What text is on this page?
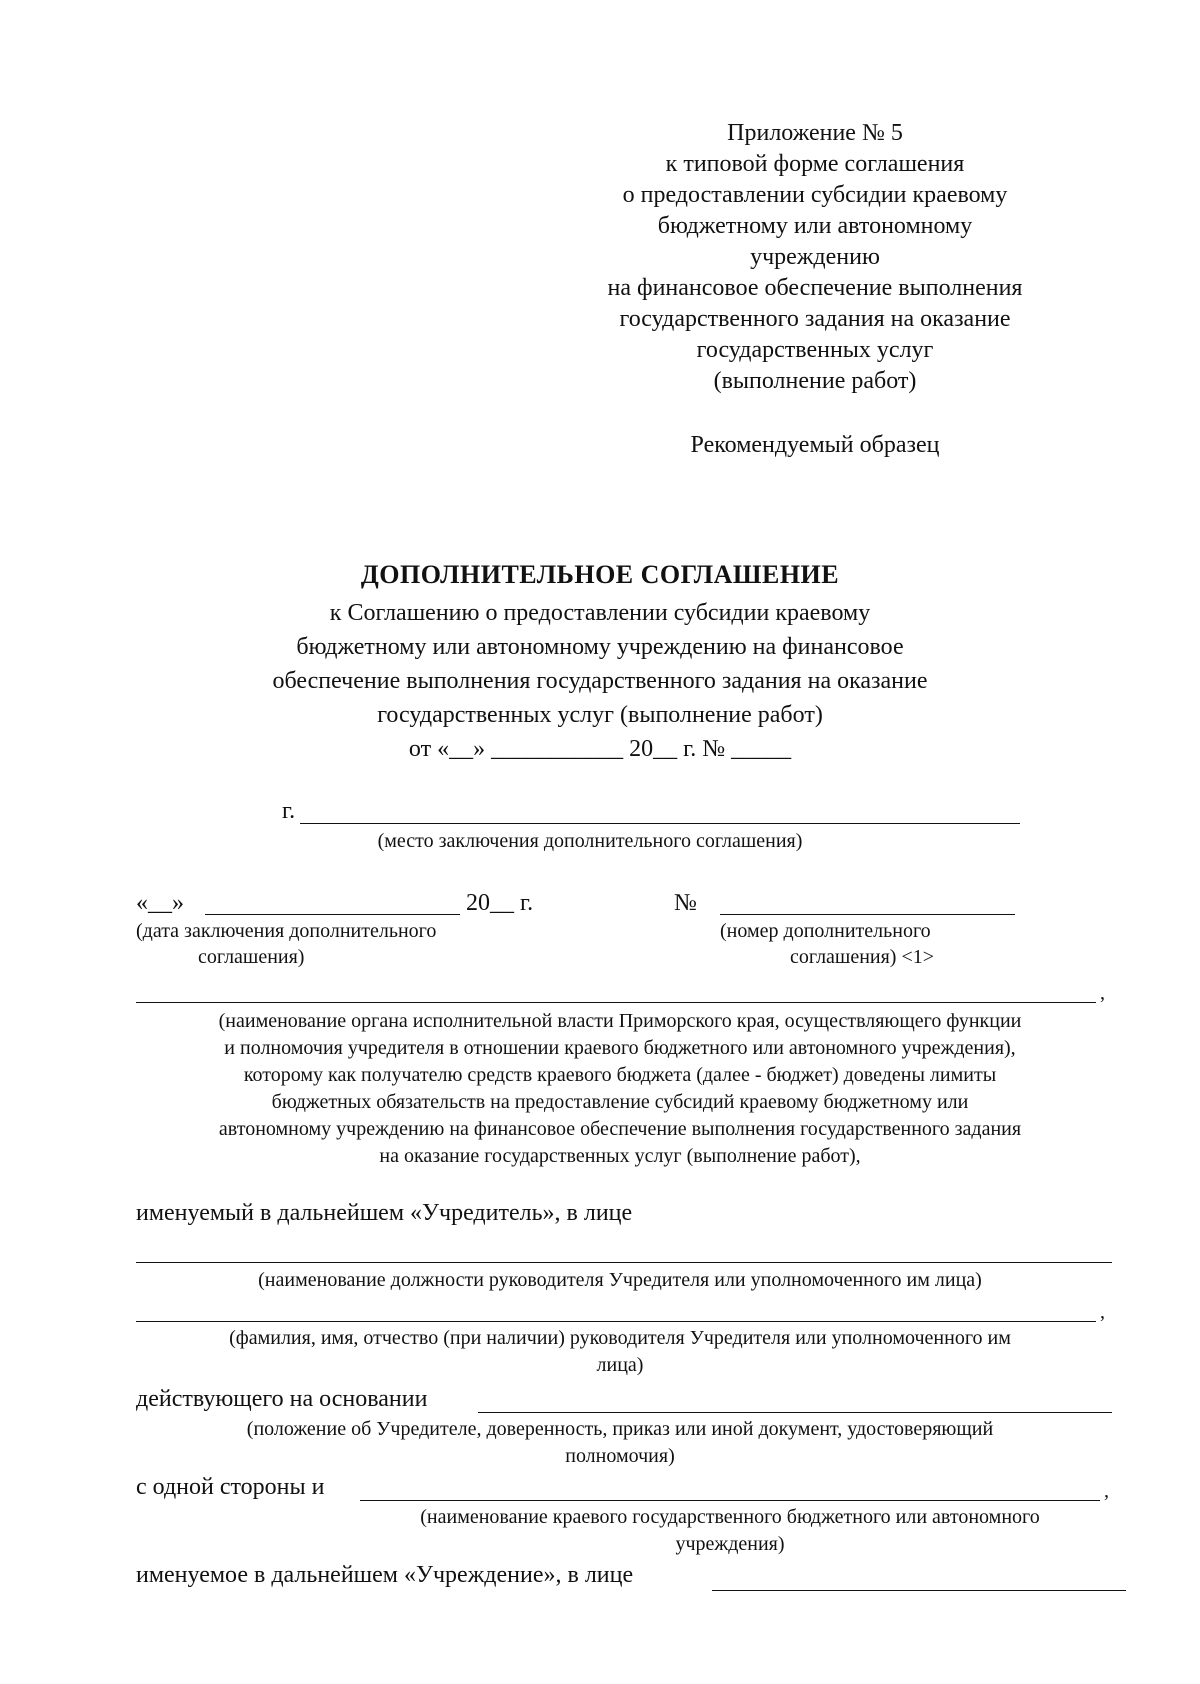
Приложение № 5
к типовой форме соглашения
о предоставлении субсидии краевому
бюджетному или автономному
учреждению
на финансовое обеспечение выполнения
государственного задания на оказание
государственных услуг
(выполнение работ)
Рекомендуемый образец
ДОПОЛНИТЕЛЬНОЕ СОГЛАШЕНИЕ
к Соглашению о предоставлении субсидии краевому
бюджетному или автономному учреждению на финансовое
обеспечение выполнения государственного задания на оказание
государственных услуг (выполнение работ)
от «__» ___________ 20__ г. № _____
г.
(место заключения дополнительного соглашения)
«__»	20__ г.
(дата заключения дополнительного
соглашения)
№
(номер дополнительного
соглашения) <1>
,
(наименование органа исполнительной власти Приморского края, осуществляющего функции
и полномочия учредителя в отношении краевого бюджетного или автономного учреждения),
которому как получателю средств краевого бюджета (далее - бюджет) доведены лимиты
бюджетных обязательств на предоставление субсидий краевому бюджетному или
автономному учреждению на финансовое обеспечение выполнения государственного задания
на оказание государственных услуг (выполнение работ),
именуемый в дальнейшем «Учредитель», в лице
(наименование должности руководителя Учредителя или уполномоченного им лица)
,
(фамилия, имя, отчество (при наличии) руководителя Учредителя или уполномоченного им
лица)
действующего на основании
(положение об Учредителе, доверенность, приказ или иной документ, удостоверяющий
полномочия)
с одной стороны и	,
(наименование краевого государственного бюджетного или автономного
учреждения)
именуемое в дальнейшем «Учреждение», в лице
